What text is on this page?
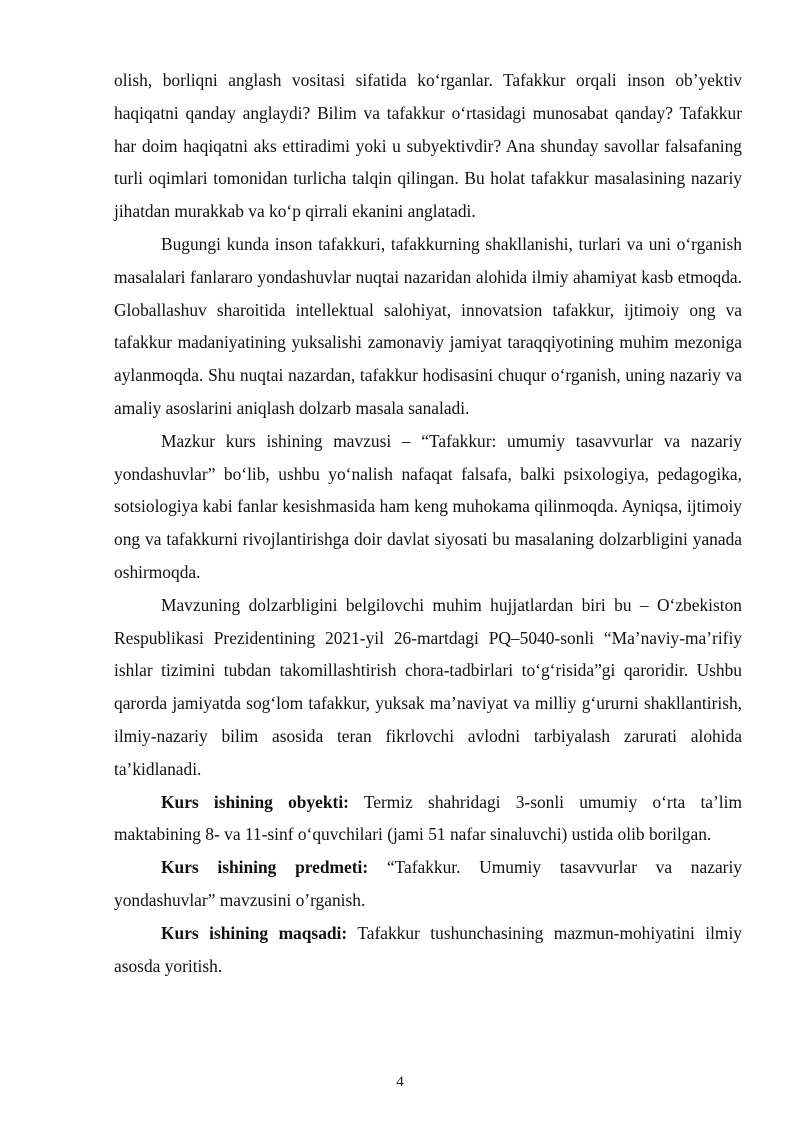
olish, borliqni anglash vositasi sifatida ko‘rganlar. Tafakkur orqali inson ob’yektiv haqiqatni qanday anglaydi? Bilim va tafakkur o‘rtasidagi munosabat qanday? Tafakkur har doim haqiqatni aks ettiradimi yoki u subyektivdir? Ana shunday savollar falsafaning turli oqimlari tomonidan turlicha talqin qilingan. Bu holat tafakkur masalasining nazariy jihatdan murakkab va ko‘p qirrali ekanini anglatadi.

Bugungi kunda inson tafakkuri, tafakkurning shakllanishi, turlari va uni o‘rganish masalalari fanlararo yondashuvlar nuqtai nazaridan alohida ilmiy ahamiyat kasb etmoqda. Globallashuv sharoitida intellektual salohiyat, innovatsion tafakkur, ijtimoiy ong va tafakkur madaniyatining yuksalishi zamonaviy jamiyat taraqqiyotining muhim mezoniga aylanmoqda. Shu nuqtai nazardan, tafakkur hodisasini chuqur o‘rganish, uning nazariy va amaliy asoslarini aniqlash dolzarb masala sanaladi.

Mazkur kurs ishining mavzusi – “Tafakkur: umumiy tasavvurlar va nazariy yondashuvlar” bo‘lib, ushbu yo‘nalish nafaqat falsafa, balki psixologiya, pedagogika, sotsiologiya kabi fanlar kesishmasida ham keng muhokama qilinmoqda. Ayniqsa, ijtimoiy ong va tafakkurni rivojlantirishga doir davlat siyosati bu masalaning dolzarbligini yanada oshirmoqda.

Mavzuning dolzarbligini belgilovchi muhim hujjatlardan biri bu – O‘zbekiston Respublikasi Prezidentining 2021-yil 26-martdagi PQ–5040-sonli “Ma’naviy-ma’rifiy ishlar tizimini tubdan takomillashtirish chora-tadbirlari to‘g‘risida”gi qaroridir. Ushbu qarorda jamiyatda sog‘lom tafakkur, yuksak ma’naviyat va milliy g‘ururni shakllantirish, ilmiy-nazariy bilim asosida teran fikrlovchi avlodni tarbiyalash zarurati alohida ta’kidlanadi.

Kurs ishining obyekti: Termiz shahridagi 3-sonli umumiy o‘rta ta’lim maktabining 8- va 11-sinf o‘quvchilari (jami 51 nafar sinaluvchi) ustida olib borilgan.

Kurs ishining predmeti: “Tafakkur. Umumiy tasavvurlar va nazariy yondashuvlar” mavzusini o’rganish.

Kurs ishining maqsadi: Tafakkur tushunchasining mazmun-mohiyatini ilmiy asosda yoritish.

4
